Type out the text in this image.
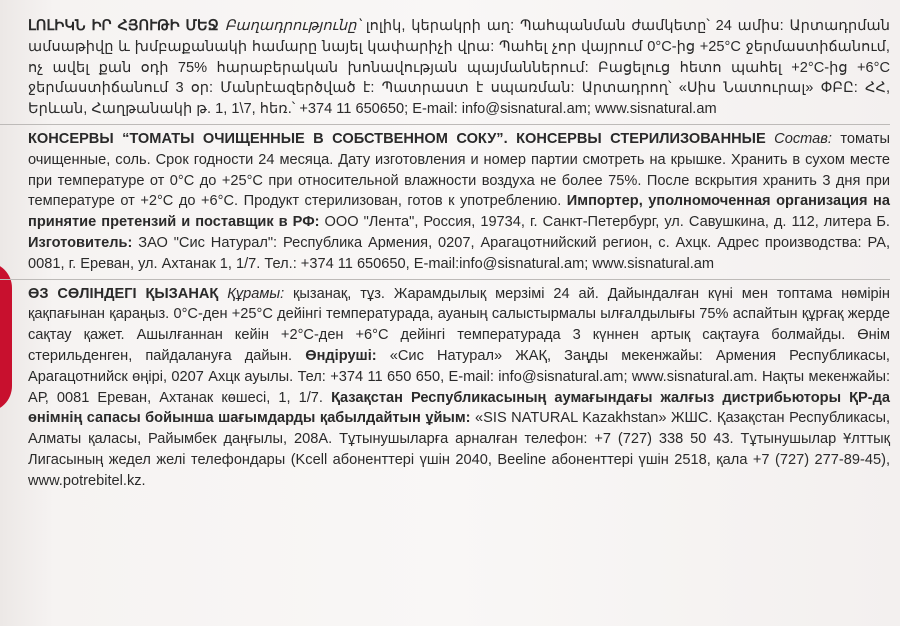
ԼՈԼԻԿՆ ԻՐ ՀՅՈՒԹԻ ՄԵՋ Բաղադրությունը՝ լոլիկ, կերակրի աղ: Պահպանման ժամկետը՝ 24 ամիս: Արտադրման ամսաթիվը և խմբաքանակի համարը նայել կափարիչի վրա: Պահել չոր վայրում 0°C-ից +25°C ջերմաստիճանում, ոչ ավել քան օդի 75% հարաբերական խոնավության պայմաններում: Բացելուց հետո պահել +2°C-ից +6°C ջերմաստիճանում 3 օր: Մանրէազերծված է: Պատրաստ է սպառման: Արտադրող՝ «Սիս Նատուրալ» ՓԲԸ: ՀՀ, Երևան, Հաղթանակի թ. 1, 1\7, հեռ.՝ +374 11 650650; E-mail: info@sisnatural.am; www.sisnatural.am

КОНСЕРВЫ “ТОМАТЫ ОЧИЩЕННЫЕ В СОБСТВЕННОМ СОКУ”. КОНСЕРВЫ СТЕРИЛИЗОВАННЫЕ Состав: томаты очищенные, соль. Срок годности 24 месяца. Дату изготовления и номер партии смотреть на крышке. Хранить в сухом месте при температуре от 0°С до +25°С при относительной влажности воздуха не более 75%. После вскрытия хранить 3 дня при температуре от +2°С до +6°С. Продукт стерилизован, готов к употреблению. Импортер, уполномоченная организация на принятие претензий и поставщик в РФ: ООО "Лента", Россия, 19734, г. Санкт-Петербург, ул. Савушкина, д. 112, литера Б. Изготовитель: ЗАО "Сис Натурал": Республика Армения, 0207, Арагацотнийский регион, с. Ахцк. Адрес производства: РА, 0081, г. Ереван, ул. Ахтанак 1, 1/7. Тел.: +374 11 650650, E-mail:info@sisnatural.am; www.sisnatural.am

ӨЗ СӨЛІНДЕГІ ҚЫЗАНАҚ Құрамы: қызанақ, тұз. Жарамдылық мерзімі 24 ай. Дайындалған күні мен топтама нөмірін қақпағынан қараңыз. 0°С-ден +25°С дейінгі температурада, ауаның салыстырмалы ылғалдылығы 75% аспайтын құрғақ жерде сақтау қажет. Ашылғаннан кейін +2°С-ден +6°С дейінгі температурада 3 күннен артық сақтауға болмайды. Өнім стерильденген, пайдалануға дайын. Өндіруші: «Сис Натурал» ЖАҚ, Заңды мекенжайы: Армения Республикасы, Арагацотнийск өңірі, 0207 Ахцк ауылы. Тел: +374 11 650 650, E-mail: info@sisnatural.am; www.sisnatural.am. Нақты мекенжайы: АР, 0081 Ереван, Ахтанак көшесі, 1, 1/7. Қазақстан Республикасының аумағындағы жалғыз дистрибьюторы ҚР-да өнімнің сапасы бойынша шағымдарды қабылдайтын ұйым: «SIS NATURAL Kazakhstan» ЖШС. Қазақстан Республикасы, Алматы қаласы, Райымбек даңғылы, 208А. Тұтынушыларға арналған телефон: +7 (727) 338 50 43. Тұтынушылар Ұлттық Лигасының жедел желі телефондары (Kcell абоненттері үшін 2040, Beeline абоненттері үшін 2518, қала +7 (727) 277-89-45), www.potrebitel.kz.
